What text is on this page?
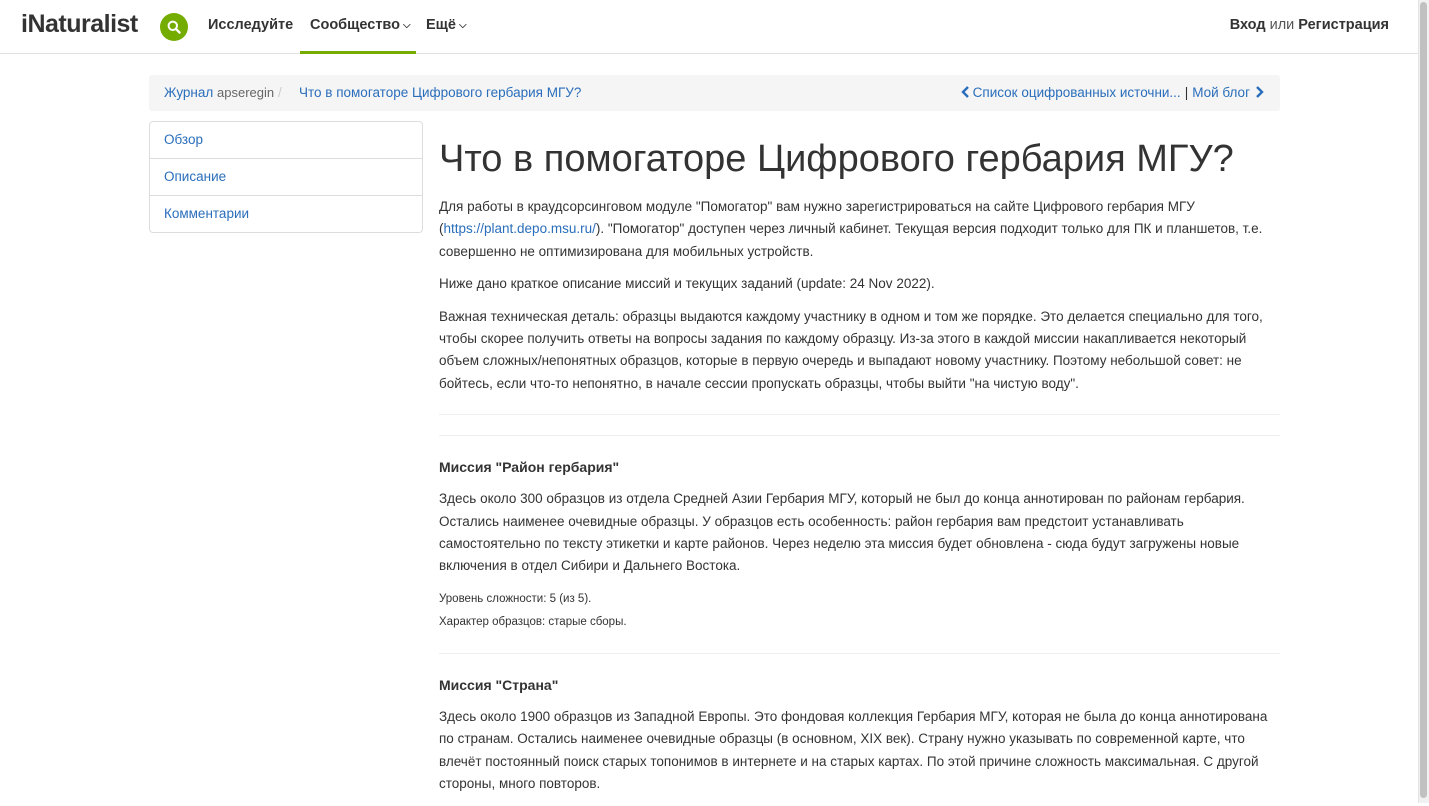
iNaturalist	Исследуйте Сообщество ⌵ Ещё ⌵	Вход или Регистрация
Журнал apseregin / Что в помогаторе Цифрового гербария МГУ?	Список оцифрованных источни... | Мой блог
Обзор
Описание
Комментарии
Что в помогаторе Цифрового гербария МГУ?

Для работы в краудсорсинговом модуле "Помогатор" вам нужно зарегистрироваться на сайте Цифрового гербария МГУ (https://plant.depo.msu.ru/). "Помогатор" доступен через личный кабинет. Текущая версия подходит только для ПК и планшетов, т.е. совершенно не оптимизирована для мобильных устройств.

Ниже дано краткое описание миссий и текущих заданий (update: 24 Nov 2022).

Важная техническая деталь: образцы выдаются каждому участнику в одном и том же порядке. Это делается специально для того, чтобы скорее получить ответы на вопросы задания по каждому образцу. Из-за этого в каждой миссии накапливается некоторый объем сложных/непонятных образцов, которые в первую очередь и выпадают новому участнику. Поэтому небольшой совет: не бойтесь, если что-то непонятно, в начале сессии пропускать образцы, чтобы выйти "на чистую воду".

Миссия "Район гербария"

Здесь около 300 образцов из отдела Средней Азии Гербария МГУ, который не был до конца аннотирован по районам гербария. Остались наименее очевидные образцы. У образцов есть особенность: район гербария вам предстоит устанавливать самостоятельно по тексту этикетки и карте районов. Через неделю эта миссия будет обновлена - сюда будут загружены новые включения в отдел Сибири и Дальнего Востока.

Уровень сложности: 5 (из 5).

Характер образцов: старые сборы.

Миссия "Страна"

Здесь около 1900 образцов из Западной Европы. Это фондовая коллекция Гербария МГУ, которая не была до конца аннотирована по странам. Остались наименее очевидные образцы (в основном, XIX век). Страну нужно указывать по современной карте, что влечёт постоянный поиск старых топонимов в интернете и на старых картах. По этой причине сложность максимальная. С другой стороны, много повторов.
